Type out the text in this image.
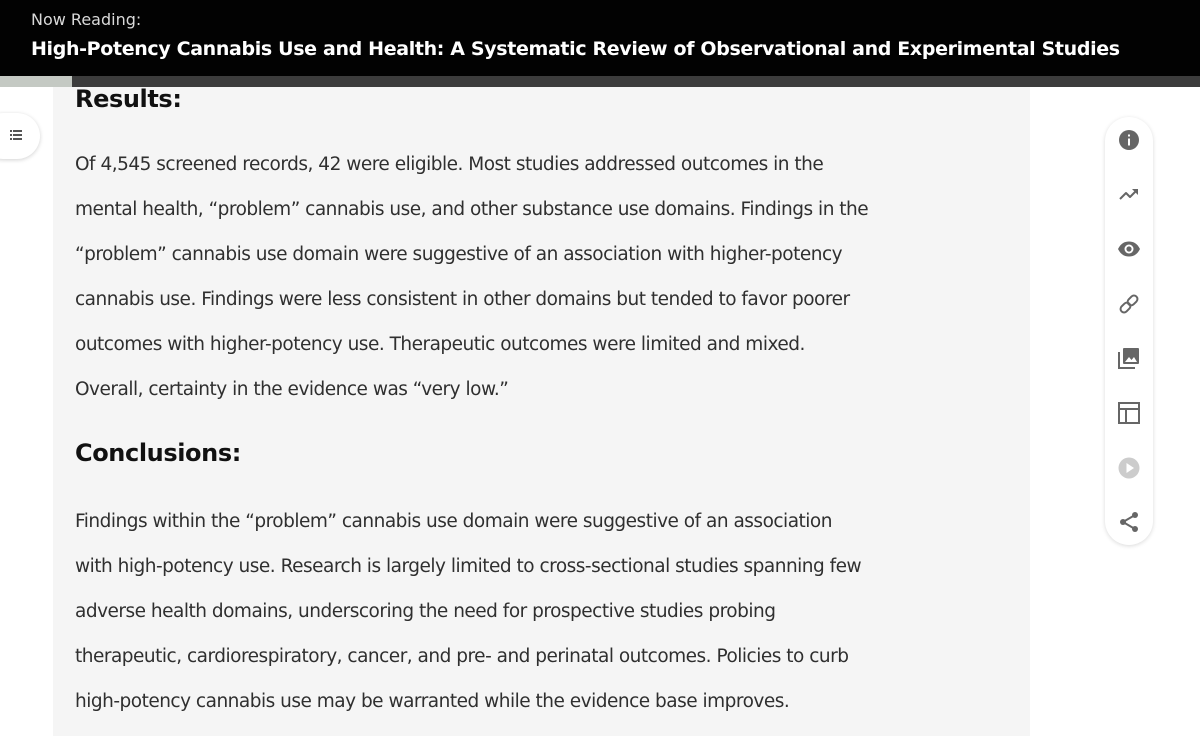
Now Reading:
High-Potency Cannabis Use and Health: A Systematic Review of Observational and Experimental Studies
Results:

Of 4,545 screened records, 42 were eligible. Most studies addressed outcomes in the
mental health, “problem” cannabis use, and other substance use domains. Findings in the
“problem” cannabis use domain were suggestive of an association with higher-potency
cannabis use. Findings were less consistent in other domains but tended to favor poorer
outcomes with higher-potency use. Therapeutic outcomes were limited and mixed.
Overall, certainty in the evidence was “very low.”

Conclusions:

Findings within the “problem” cannabis use domain were suggestive of an association
with high-potency use. Research is largely limited to cross-sectional studies spanning few
adverse health domains, underscoring the need for prospective studies probing
therapeutic, cardiorespiratory, cancer, and pre- and perinatal outcomes. Policies to curb
high-potency cannabis use may be warranted while the evidence base improves.
